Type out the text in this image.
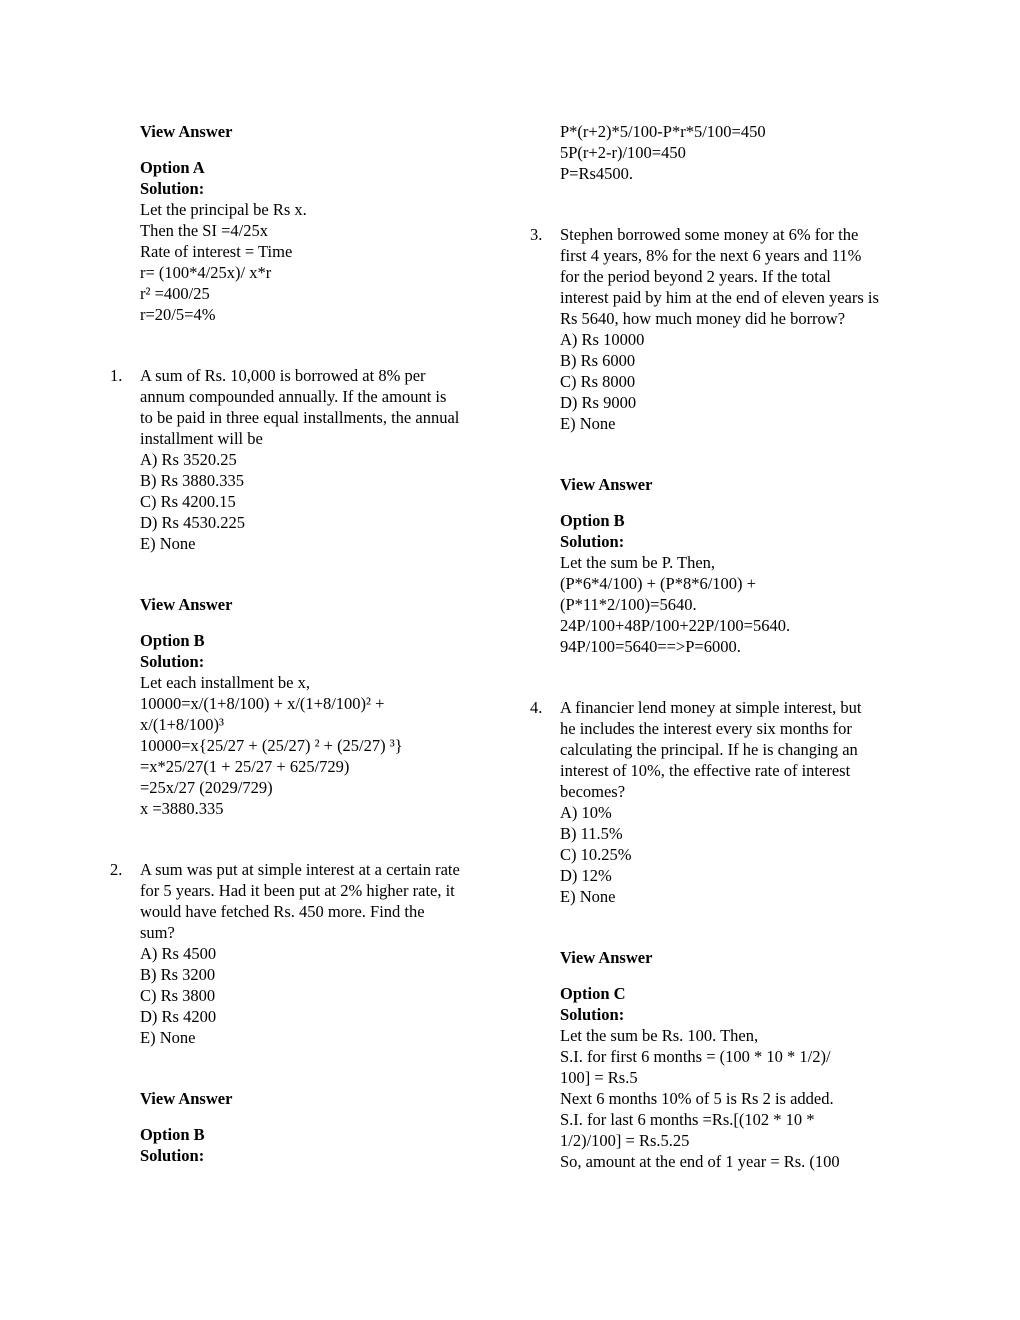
View Answer
Option A
Solution:
Let the principal be Rs x.
Then the SI =4/25x
Rate of interest = Time
r= (100*4/25x)/ x*r
r² =400/25
r=20/5=4%
1.	A sum of Rs. 10,000 is borrowed at 8% per annum compounded annually. If the amount is to be paid in three equal installments, the annual installment will be
A) Rs 3520.25
B) Rs 3880.335
C) Rs 4200.15
D) Rs 4530.225
E) None
View Answer
Option B
Solution:
Let each installment be x,
10000=x/(1+8/100) + x/(1+8/100)² +
x/(1+8/100)³
10000=x{25/27 + (25/27) ² + (25/27) ³}
=x*25/27(1 + 25/27 + 625/729)
=25x/27 (2029/729)
x =3880.335
2.	A sum was put at simple interest at a certain rate for 5 years. Had it been put at 2% higher rate, it would have fetched Rs. 450 more. Find the sum?
A) Rs 4500
B) Rs 3200
C) Rs 3800
D) Rs 4200
E) None
View Answer
Option B
Solution:
P*(r+2)*5/100-P*r*5/100=450
5P(r+2-r)/100=450
P=Rs4500.
3.	Stephen borrowed some money at 6% for the first 4 years, 8% for the next 6 years and 11% for the period beyond 2 years. If the total interest paid by him at the end of eleven years is Rs 5640, how much money did he borrow?
A) Rs 10000
B) Rs 6000
C) Rs 8000
D) Rs 9000
E) None
View Answer
Option B
Solution:
Let the sum be P. Then,
(P*6*4/100) + (P*8*6/100) +
(P*11*2/100)=5640.
24P/100+48P/100+22P/100=5640.
94P/100=5640==>P=6000.
4.	A financier lend money at simple interest, but he includes the interest every six months for calculating the principal. If he is changing an interest of 10%, the effective rate of interest becomes?
A) 10%
B) 11.5%
C) 10.25%
D) 12%
E) None
View Answer
Option C
Solution:
Let the sum be Rs. 100. Then,
S.I. for first 6 months = (100 * 10 * 1/2)/
100] = Rs.5
Next 6 months 10% of 5 is Rs 2 is added.
S.I. for last 6 months =Rs.[(102 * 10 *
1/2)/100] = Rs.5.25
So, amount at the end of 1 year = Rs. (100
